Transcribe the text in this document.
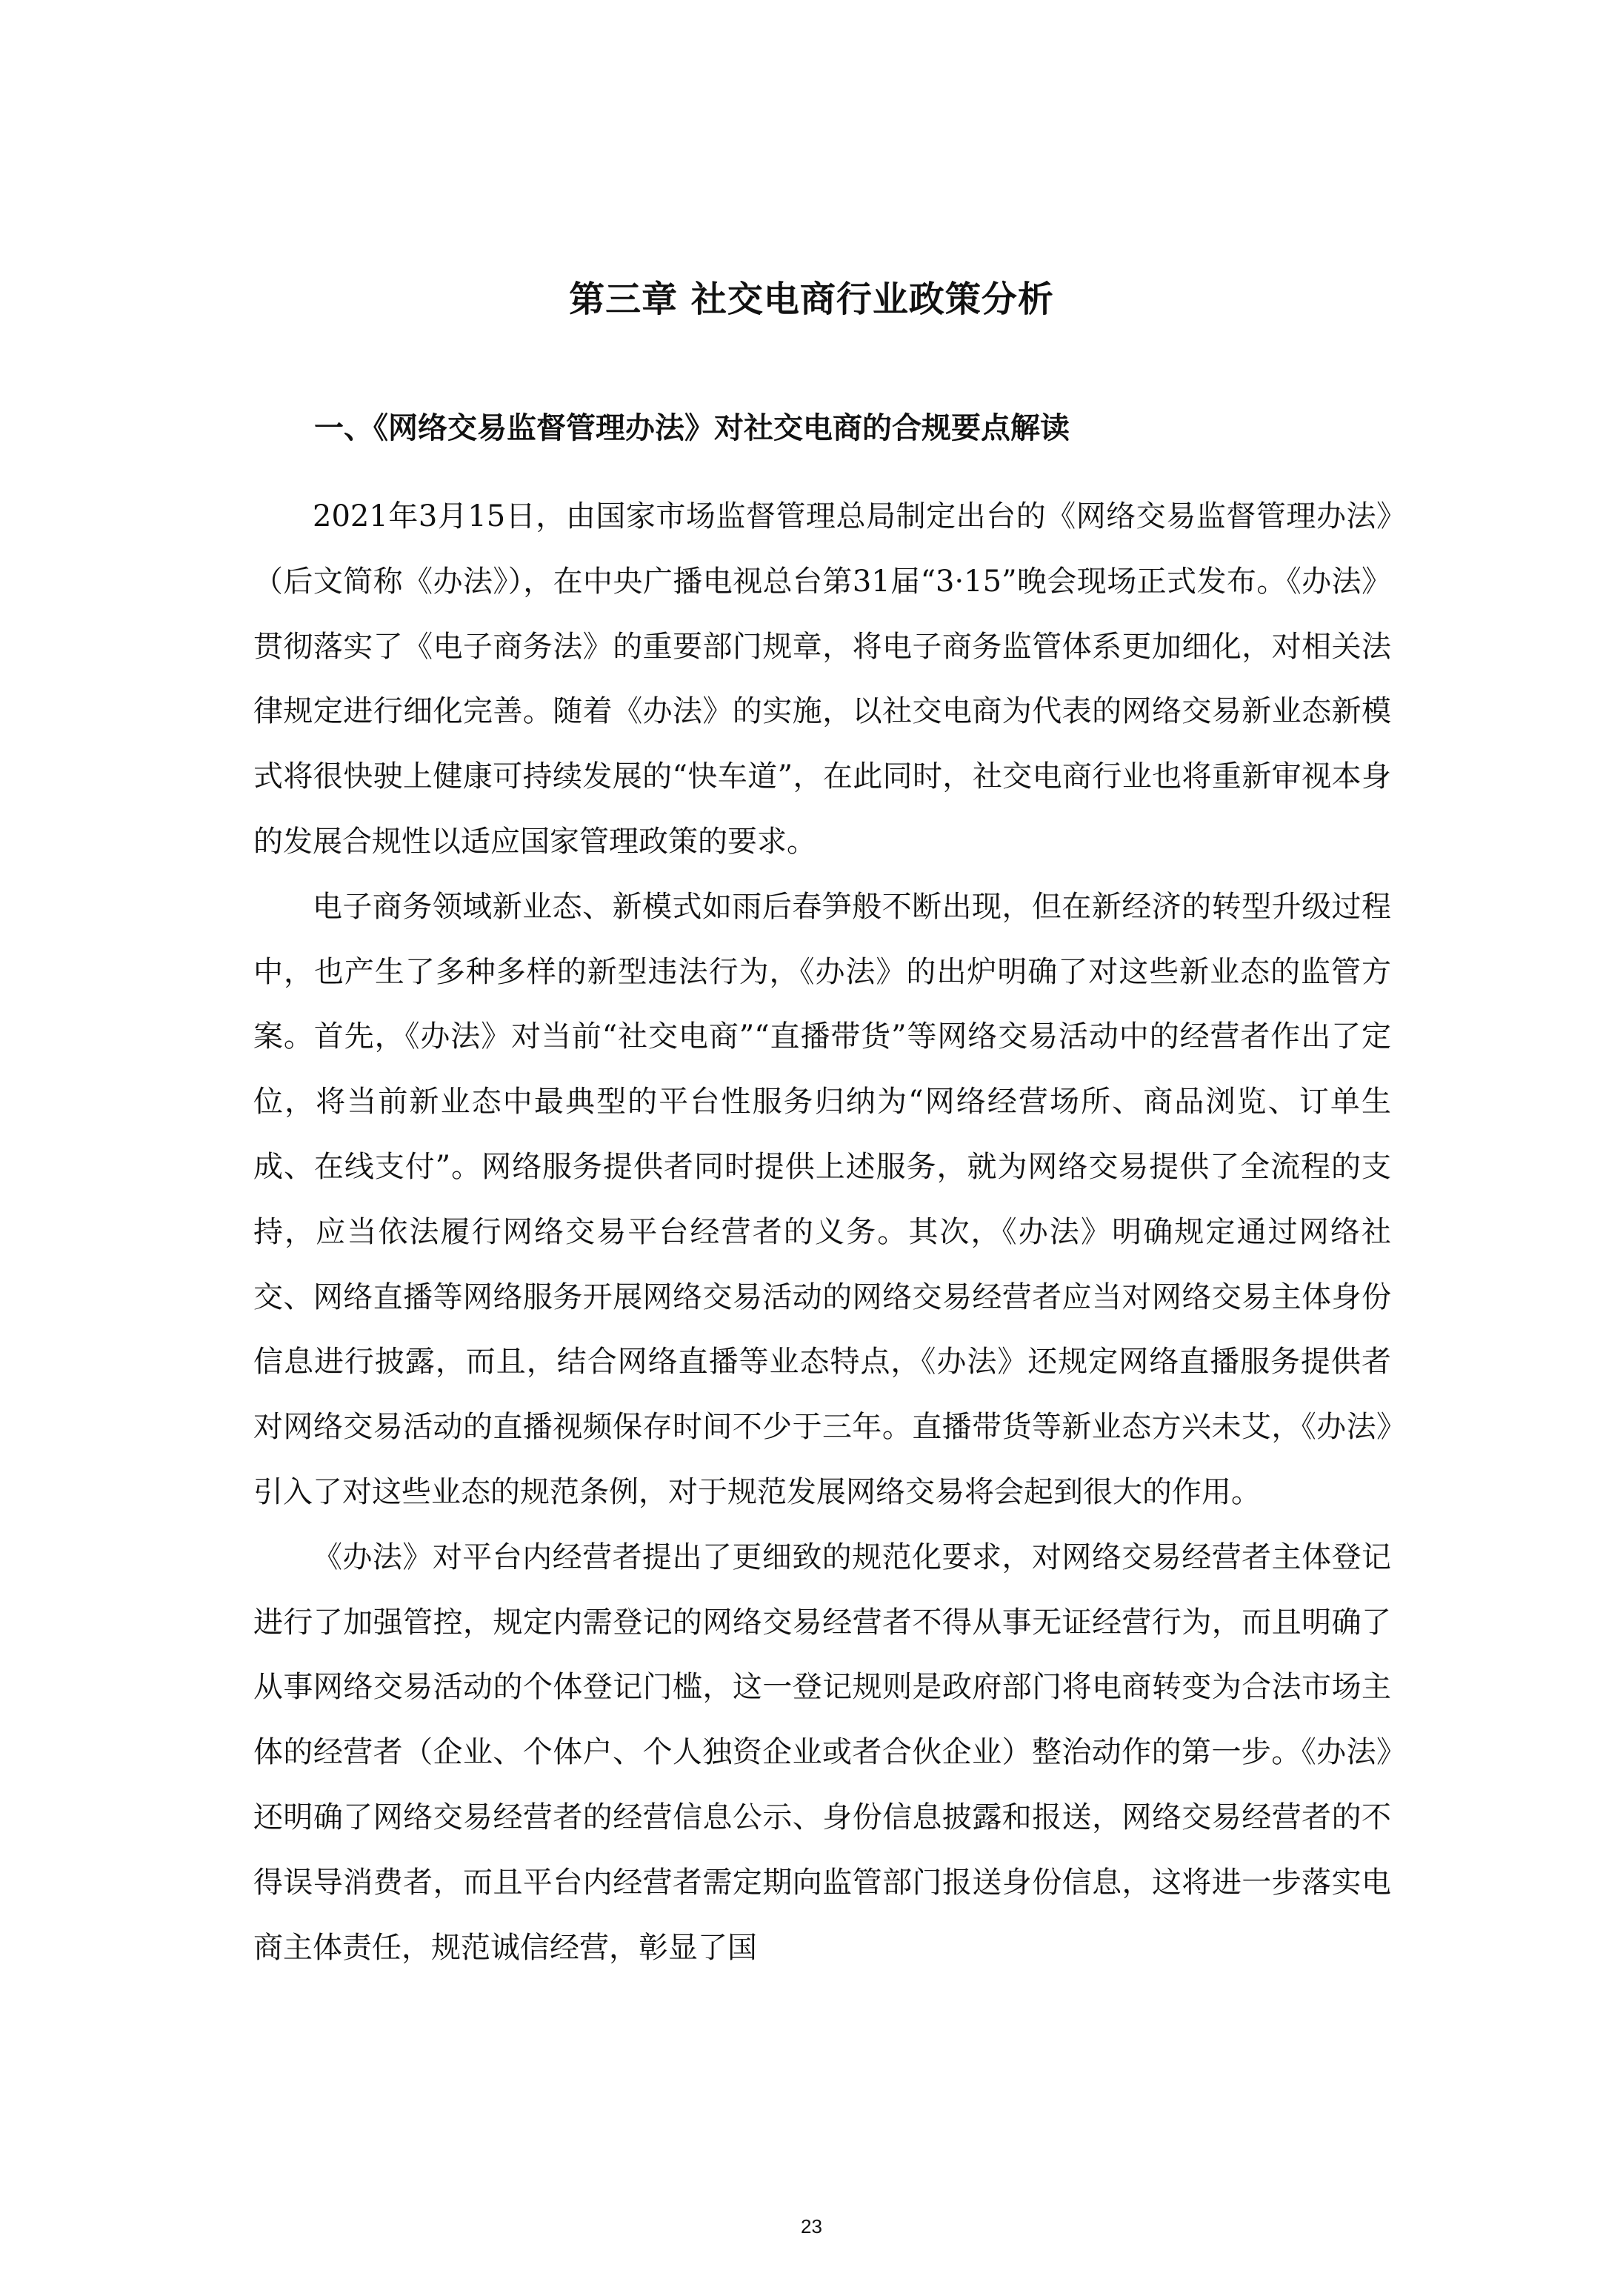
第三章 社交电商行业政策分析
一、《网络交易监督管理办法》对社交电商的合规要点解读

2021年3月15日，由国家市场监督管理总局制定出台的《网络交易监督管理办法》（后文简称《办法》），在中央广播电视总台第31届“3·15”晚会现场正式发布。《办法》贯彻落实了《电子商务法》的重要部门规章，将电子商务监管体系更加细化，对相关法律规定进行细化完善。随着《办法》的实施，以社交电商为代表的网络交易新业态新模式将很快驶上健康可持续发展的“快车道”，在此同时，社交电商行业也将重新审视本身的发展合规性以适应国家管理政策的要求。

电子商务领域新业态、新模式如雨后春笋般不断出现，但在新经济的转型升级过程中，也产生了多种多样的新型违法行为，《办法》的出炉明确了对这些新业态的监管方案。首先，《办法》对当前“社交电商”“直播带货”等网络交易活动中的经营者作出了定位，将当前新业态中最典型的平台性服务归纳为“网络经营场所、商品浏览、订单生成、在线支付”。网络服务提供者同时提供上述服务，就为网络交易提供了全流程的支持，应当依法履行网络交易平台经营者的义务。其次，《办法》明确规定通过网络社交、网络直播等网络服务开展网络交易活动的网络交易经营者应当对网络交易主体身份信息进行披露，而且，结合网络直播等业态特点，《办法》还规定网络直播服务提供者对网络交易活动的直播视频保存时间不少于三年。直播带货等新业态方兴未艾，《办法》引入了对这些业态的规范条例，对于规范发展网络交易将会起到很大的作用。

《办法》对平台内经营者提出了更细致的规范化要求，对网络交易经营者主体登记进行了加强管控，规定内需登记的网络交易经营者不得从事无证经营行为，而且明确了从事网络交易活动的个体登记门槛，这一登记规则是政府部门将电商转变为合法市场主体的经营者（企业、个体户、个人独资企业或者合伙企业）整治动作的第一步。《办法》还明确了网络交易经营者的经营信息公示、身份信息披露和报送，网络交易经营者的不得误导消费者，而且平台内经营者需定期向监管部门报送身份信息，这将进一步落实电商主体责任，规范诚信经营，彰显了国

23
